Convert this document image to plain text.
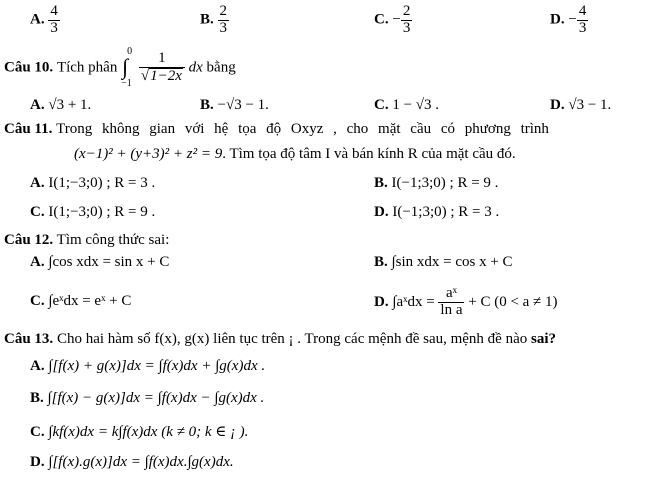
A. $\frac{4}{3}$	B. $\frac{2}{3}$	C. − $\frac{2}{3}$	D. − $\frac{4}{3}$
Câu 10. Tích phân
0
∫
−1
$\frac{1}{√1-2x}$ dx bằng
A. √3 + 1.	B. −√3 − 1.	C. 1 − √3 .	D. √3 − 1.
Câu 11. Trong không gian với hệ tọa độ Oxyz , cho mặt cầu có phương trình
(x−1)² + (y+3)² + z² = 9. Tìm tọa độ tâm I và bán kính R của mặt cầu đó.
A. I(1;−3;0) ; R = 3 .	B. I(−1;3;0) ; R = 9 .
C. I(1;−3;0) ; R = 9 .	D. I(−1;3;0) ; R = 3 .
Câu 12. Tìm công thức sai:
A. ∫cos xdx = sin x + C	B. ∫sin xdx = cos x + C
C. ∫eˣdx = eˣ + C	D. ∫aˣdx = $\frac{\text{aˣ}}{\text{ln a}} + C$ (0 < a ≠ 1)
Câu 13. Cho hai hàm số f(x), g(x) liên tục trên ¡ . Trong các mệnh đề sau, mệnh đề nào sai?
A. ∫[f(x) + g(x)]dx = ∫f(x)dx + ∫g(x)dx .
B. ∫[f(x) − g(x)]dx = ∫f(x)dx − ∫g(x)dx .
C. ∫kf(x)dx = k∫f(x)dx (k ≠ 0; k ∈ ¡ ).
D. ∫[f(x).g(x)]dx = ∫f(x)dx.∫g(x)dx.
